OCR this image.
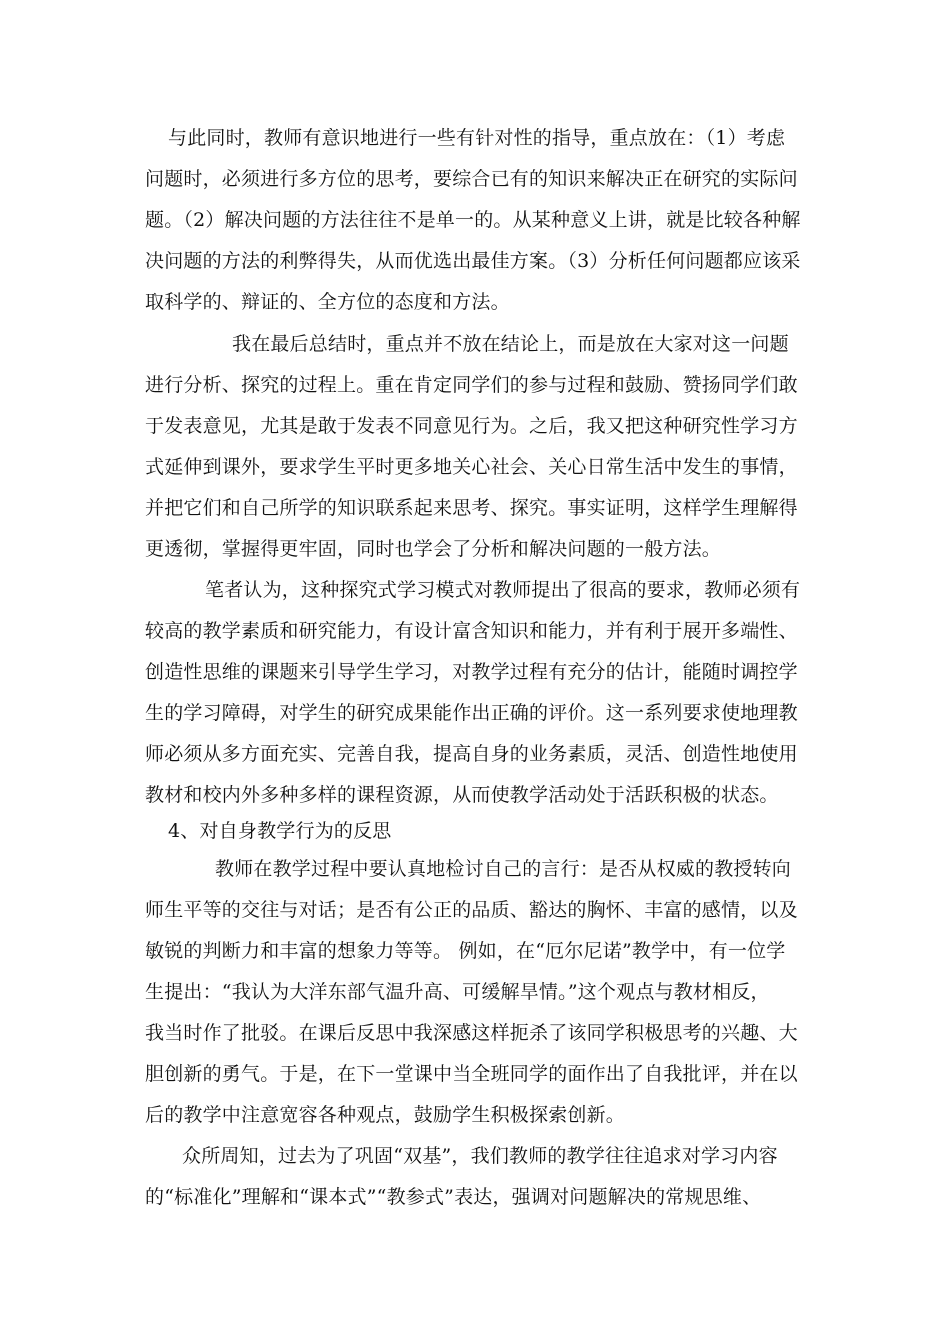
与此同时，教师有意识地进行一些有针对性的指导，重点放在：（1）考虑
问题时，必须进行多方位的思考，要综合已有的知识来解决正在研究的实际问
题。（2）解决问题的方法往往不是单一的。从某种意义上讲，就是比较各种解
决问题的方法的利弊得失，从而优选出最佳方案。（3）分析任何问题都应该采
取科学的、辩证的、全方位的态度和方法。
我在最后总结时，重点并不放在结论上，而是放在大家对这一问题
进行分析、探究的过程上。重在肯定同学们的参与过程和鼓励、赞扬同学们敢
于发表意见，尤其是敢于发表不同意见行为。之后，我又把这种研究性学习方
式延伸到课外，要求学生平时更多地关心社会、关心日常生活中发生的事情，
并把它们和自己所学的知识联系起来思考、探究。事实证明，这样学生理解得
更透彻，掌握得更牢固，同时也学会了分析和解决问题的一般方法。
笔者认为，这种探究式学习模式对教师提出了很高的要求，教师必须有
较高的教学素质和研究能力，有设计富含知识和能力，并有利于展开多端性、
创造性思维的课题来引导学生学习，对教学过程有充分的估计，能随时调控学
生的学习障碍，对学生的研究成果能作出正确的评价。这一系列要求使地理教
师必须从多方面充实、完善自我，提高自身的业务素质，灵活、创造性地使用
教材和校内外多种多样的课程资源，从而使教学活动处于活跃积极的状态。
4、对自身教学行为的反思
教师在教学过程中要认真地检讨自己的言行：是否从权威的教授转向
师生平等的交往与对话；是否有公正的品质、豁达的胸怀、丰富的感情，以及
敏锐的判断力和丰富的想象力等等。 例如，在“厄尔尼诺”教学中，有一位学
生提出：“我认为大洋东部气温升高、可缓解旱情。”这个观点与教材相反，
我当时作了批驳。在课后反思中我深感这样扼杀了该同学积极思考的兴趣、大
胆创新的勇气。于是，在下一堂课中当全班同学的面作出了自我批评，并在以
后的教学中注意宽容各种观点，鼓励学生积极探索创新。
众所周知，过去为了巩固“双基”，我们教师的教学往往追求对学习内容
的“标准化”理解和“课本式”“教参式”表达，强调对问题解决的常规思维、
